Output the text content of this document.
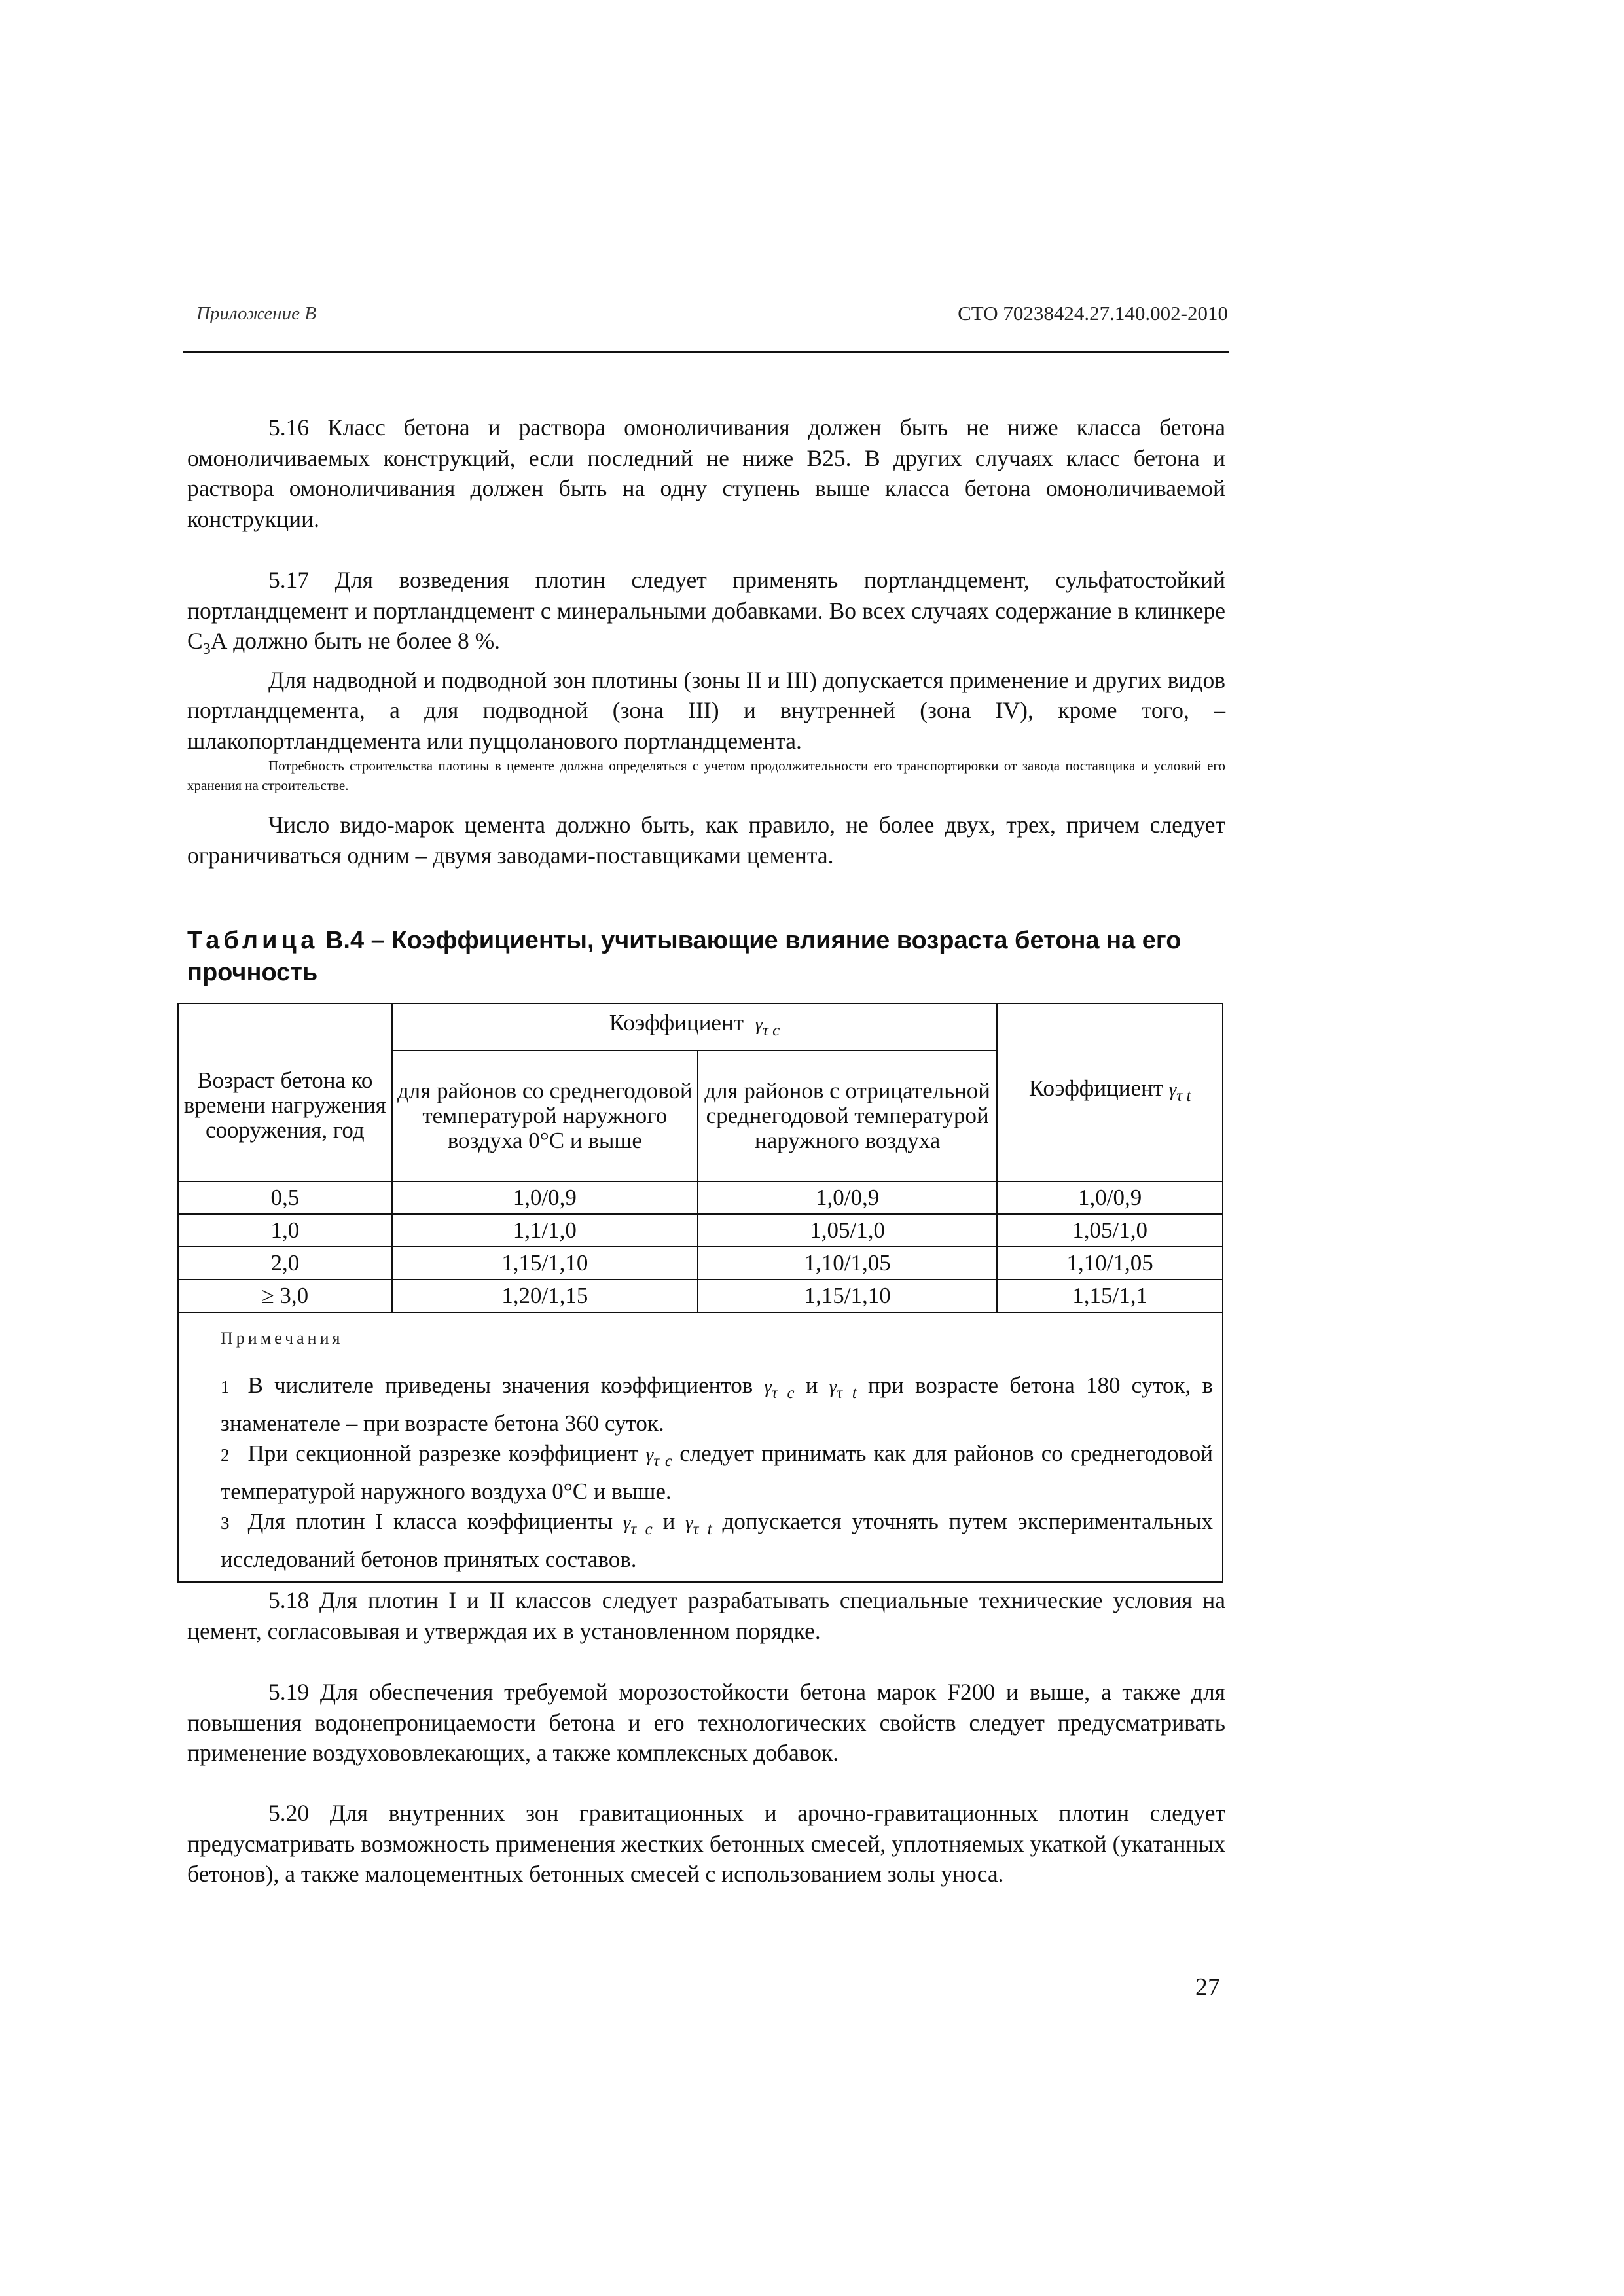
Приложение В	СТО 70238424.27.140.002-2010

5.16 Класс бетона и раствора омоноличивания должен быть не ниже класса бетона омоноличиваемых конструкций, если последний не ниже В25. В других случаях класс бетона и раствора омоноличивания должен быть на одну ступень выше класса бетона омоноличиваемой конструкции.

5.17 Для возведения плотин следует применять портландцемент, сульфатостойкий портландцемент и портландцемент с минеральными добавками. Во всех случаях содержание в клинкере $С_3А$ должно быть не более 8 %.

Для надводной и подводной зон плотины (зоны II и III) допускается применение и других видов портландцемента, а для подводной (зона III) и внутренней (зона IV), кроме того, – шлакопортландцемента или пуццоланового портландцемента.

Потребность строительства плотины в цементе должна определяться с учетом продолжительности его транспортировки от завода поставщика и условий его хранения на строительстве.

Число видо-марок цемента должно быть, как правило, не более двух, трех, причем следует ограничиваться одним – двумя заводами-поставщиками цемента.

Таблица В.4 – Коэффициенты, учитывающие влияние возраста бетона на его прочность
Возраст бетона ко времени нагружения сооружения, год	Коэффициент $\gamma_{\tau c}$		Коэффициент $\gamma_{\tau t}$
	для районов со среднегодовой температурой наружного воздуха 0°С и выше	для районов с отрицательной среднегодовой температурой наружного воздуха	
0,5	1,0/0,9	1,0/0,9	1,0/0,9
1,0	1,1/1,0	1,05/1,0	1,05/1,0
2,0	1,15/1,10	1,10/1,05	1,10/1,05
≥ 3,0	1,20/1,15	1,15/1,10	1,15/1,1

Примечания

1 В числителе приведены значения коэффициентов $\gamma_{\tau c}$ и $\gamma_{\tau t}$ при возрасте бетона 180 суток, в знаменателе – при возрасте бетона 360 суток.

2 При секционной разрезке коэффициент $\gamma_{\tau c}$ следует принимать как для районов со среднегодовой температурой наружного воздуха 0°С и выше.

3 Для плотин I класса коэффициенты $\gamma_{\tau c}$ и $\gamma_{\tau t}$ допускается уточнять путем экспериментальных исследований бетонов принятых составов.			

5.18 Для плотин I и II классов следует разрабатывать специальные технические условия на цемент, согласовывая и утверждая их в установленном порядке.

5.19 Для обеспечения требуемой морозостойкости бетона марок F200 и выше, а также для повышения водонепроницаемости бетона и его технологических свойств следует предусматривать применение воздухововлекающих, а также комплексных добавок.

5.20 Для внутренних зон гравитационных и арочно-гравитационных плотин следует предусматривать возможность применения жестких бетонных смесей, уплотняемых укаткой (укатанных бетонов), а также малоцементных бетонных смесей с использованием золы уноса.

27
